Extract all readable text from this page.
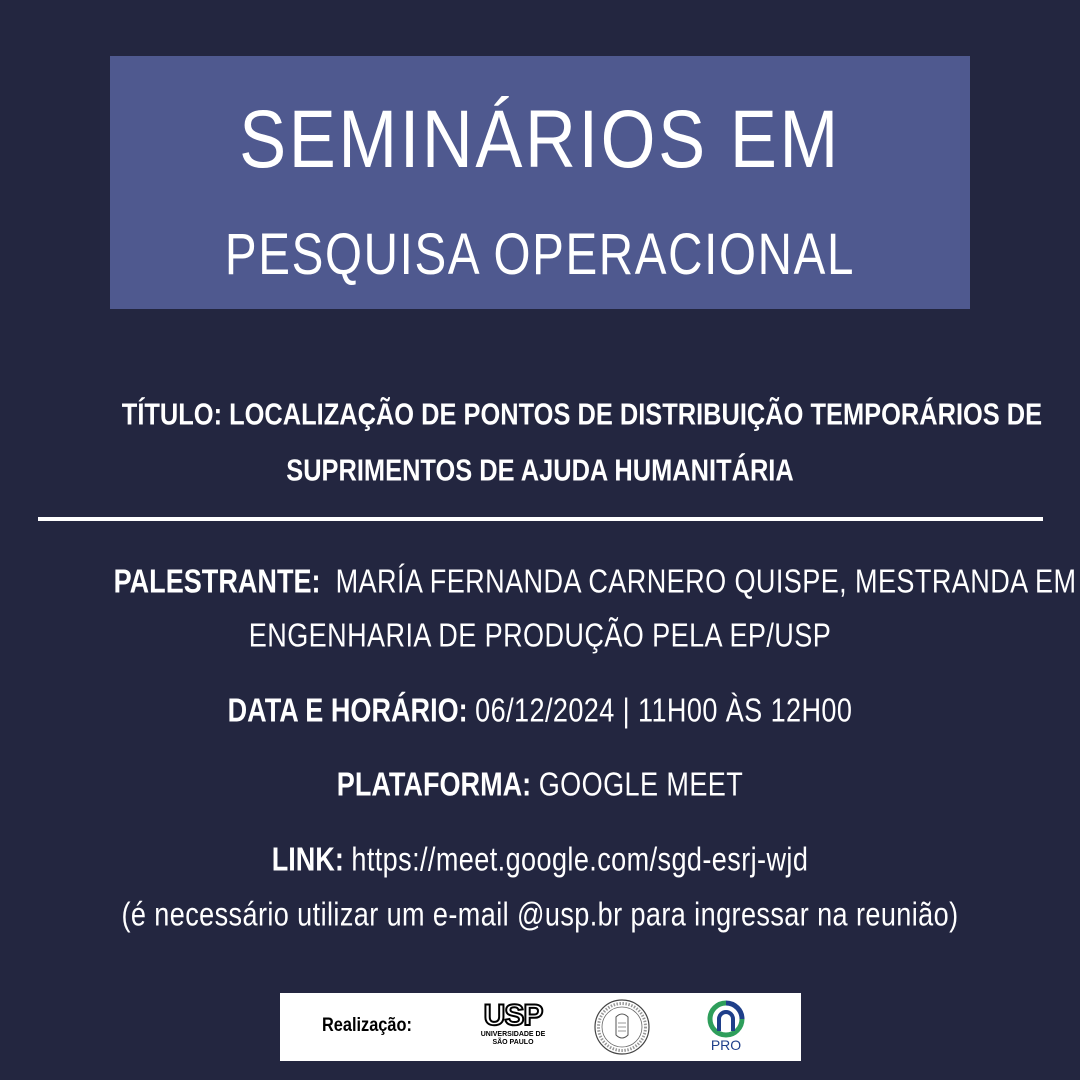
SEMINÁRIOS EM
PESQUISA OPERACIONAL
TÍTULO: LOCALIZAÇÃO DE PONTOS DE DISTRIBUIÇÃO TEMPORÁRIOS DE
SUPRIMENTOS DE AJUDA HUMANITÁRIA
PALESTRANTE: MARÍA FERNANDA CARNERO QUISPE, MESTRANDA EM
ENGENHARIA DE PRODUÇÃO PELA EP/USP
DATA E HORÁRIO: 06/12/2024 | 11H00 ÀS 12H00
PLATAFORMA: GOOGLE MEET
LINK: https://meet.google.com/sgd-esrj-wjd
(é necessário utilizar um e-mail @usp.br para ingressar na reunião)
Realização: USP
UNIVERSIDADE DE
SÃO PAULO	PRO
